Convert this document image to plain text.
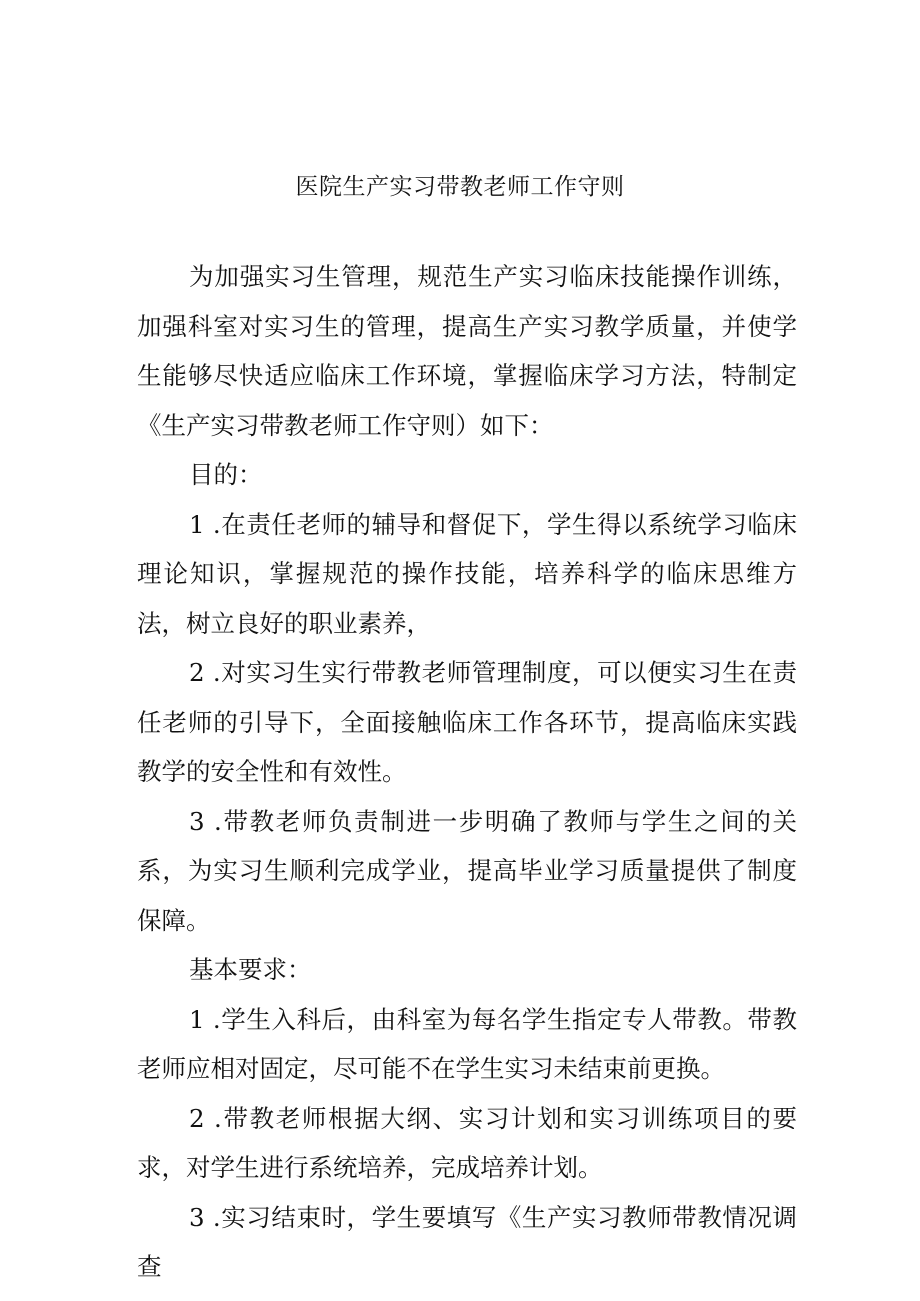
医院生产实习带教老师工作守则

为加强实习生管理，规范生产实习临床技能操作训练，加强科室对实习生的管理，提高生产实习教学质量，并使学生能够尽快适应临床工作环境，掌握临床学习方法，特制定《生产实习带教老师工作守则）如下：

目的：

1 .在责任老师的辅导和督促下，学生得以系统学习临床理论知识，掌握规范的操作技能，培养科学的临床思维方法，树立良好的职业素养，

2 .对实习生实行带教老师管理制度，可以便实习生在责任老师的引导下，全面接触临床工作各环节，提高临床实践教学的安全性和有效性。

3 .带教老师负责制进一步明确了教师与学生之间的关系，为实习生顺利完成学业，提高毕业学习质量提供了制度保障。

基本要求：

1 .学生入科后，由科室为每名学生指定专人带教。带教老师应相对固定，尽可能不在学生实习未结束前更换。

2 .带教老师根据大纲、实习计划和实习训练项目的要求，对学生进行系统培养，完成培养计划。

3 .实习结束时，学生要填写《生产实习教师带教情况调查
